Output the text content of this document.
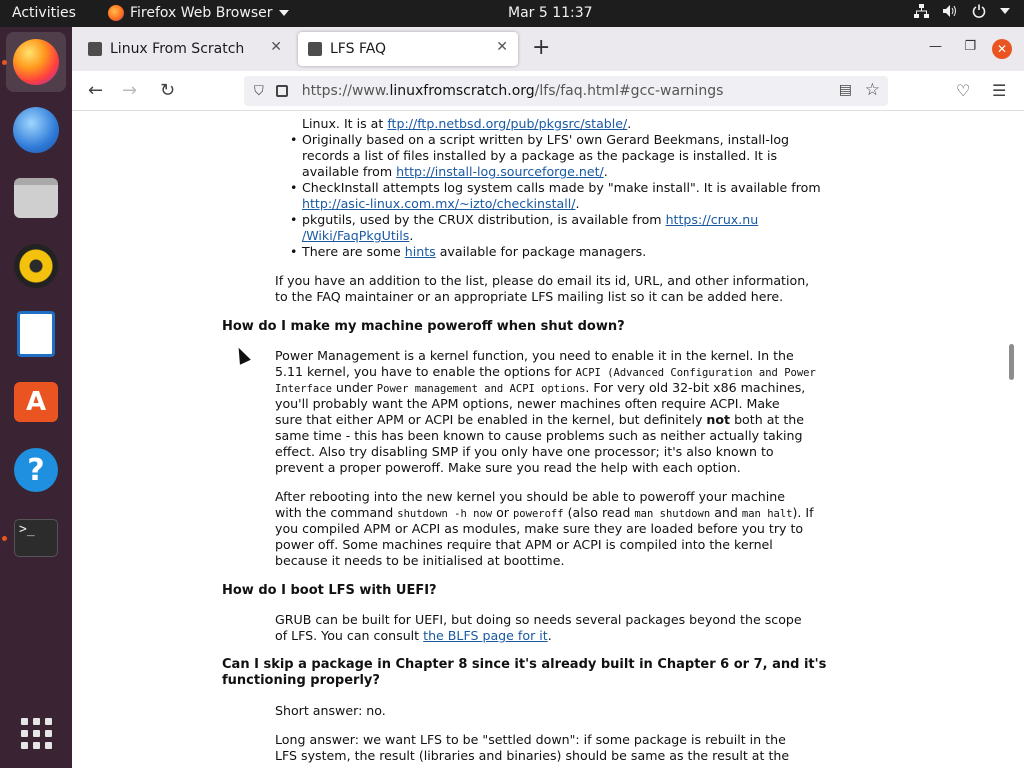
Activities	Firefox Web Browser	Mar 5 11:37
A
?
>_
Linux From Scratch ✕	LFS FAQ	✕ +	— ❐	✕
← → ↻	⛉	https://www.linuxfromscratch.org/lfs/faq.html#gcc-warnings	▤ ☆	♡ ☰
Linux. It is at ftp://ftp.netbsd.org/pub/pkgsrc/stable/.
• Originally based on a script written by LFS' own Gerard Beekmans, install-log
records a list of files installed by a package as the package is installed. It is
available from http://install-log.sourceforge.net/.
• CheckInstall attempts log system calls made by "make install". It is available from
http://asic-linux.com.mx/~izto/checkinstall/.
• pkgutils, used by the CRUX distribution, is available from https://crux.nu
/Wiki/FaqPkgUtils.
• There are some hints available for package managers.
If you have an addition to the list, please do email its id, URL, and other information,
to the FAQ maintainer or an appropriate LFS mailing list so it can be added here.
How do I make my machine poweroff when shut down?
Power Management is a kernel function, you need to enable it in the kernel. In the
5.11 kernel, you have to enable the options for ACPI (Advanced Configuration and Power
Interface under Power management and ACPI options. For very old 32-bit x86 machines,
you'll probably want the APM options, newer machines often require ACPI. Make
sure that either APM or ACPI be enabled in the kernel, but definitely not both at the
same time - this has been known to cause problems such as neither actually taking
effect. Also try disabling SMP if you only have one processor; it's also known to
prevent a proper poweroff. Make sure you read the help with each option.
After rebooting into the new kernel you should be able to poweroff your machine
with the command shutdown -h now or poweroff (also read man shutdown and man halt). If
you compiled APM or ACPI as modules, make sure they are loaded before you try to
power off. Some machines require that APM or ACPI is compiled into the kernel
because it needs to be initialised at boottime.
How do I boot LFS with UEFI?
GRUB can be built for UEFI, but doing so needs several packages beyond the scope
of LFS. You can consult the BLFS page for it.
Can I skip a package in Chapter 8 since it's already built in Chapter 6 or 7, and it's
functioning properly?
Short answer: no.
Long answer: we want LFS to be "settled down": if some package is rebuilt in the
LFS system, the result (libraries and binaries) should be same as the result at the
